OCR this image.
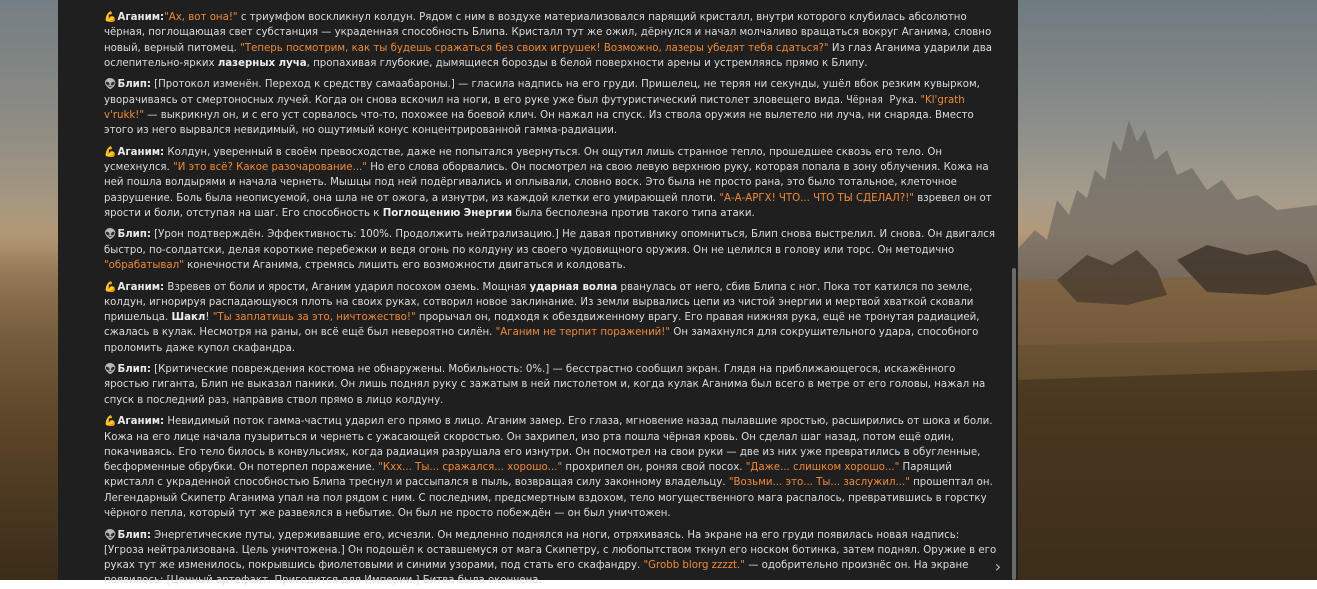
💪Аганим:"Ах, вот она!" с триумфом воскликнул колдун. Рядом с ним в воздухе материализовался парящий кристалл, внутри которого клубилась абсолютно чёрная, поглощающая свет субстанция — украденная способность Блипа. Кристалл тут же ожил, дёрнулся и начал молчаливо вращаться вокруг Аганима, словно новый, верный питомец. "Теперь посмотрим, как ты будешь сражаться без своих игрушек! Возможно, лазеры убедят тебя сдаться?" Из глаз Аганима ударили два ослепительно-ярких лазерных луча, пропахивая глубокие, дымящиеся борозды в белой поверхности арены и устремляясь прямо к Блипу.

👽Блип: [Протокол изменён. Переход к средству самаабароны.] — гласила надпись на его груди. Пришелец, не теряя ни секунды, ушёл вбок резким кувырком, уворачиваясь от смертоносных лучей. Когда он снова вскочил на ноги, в его руке уже был футуристический пистолет зловещего вида. Чёрная Рука. "Kl'grath v'rukk!" — выкрикнул он, и с его уст сорвалось что-то, похожее на боевой клич. Он нажал на спуск. Из ствола оружия не вылетело ни луча, ни снаряда. Вместо этого из него вырвался невидимый, но ощутимый конус концентрированной гамма-радиации.

💪Аганим: Колдун, уверенный в своём превосходстве, даже не попытался увернуться. Он ощутил лишь странное тепло, прошедшее сквозь его тело. Он усмехнулся. "И это всё? Какое разочарование..." Но его слова оборвались. Он посмотрел на свою левую верхнюю руку, которая попала в зону облучения. Кожа на ней пошла волдырями и начала чернеть. Мышцы под ней подёргивались и оплывали, словно воск. Это была не просто рана, это было тотальное, клеточное разрушение. Боль была неописуемой, она шла не от ожога, а изнутри, из каждой клетки его умирающей плоти. "А-А-АРГХ! ЧТО... ЧТО ТЫ СДЕЛАЛ?!" взревел он от ярости и боли, отступая на шаг. Его способность к Поглощению Энергии была бесполезна против такого типа атаки.

👽Блип: [Урон подтверждён. Эффективность: 100%. Продолжить нейтрализацию.] Не давая противнику опомниться, Блип снова выстрелил. И снова. Он двигался быстро, по-солдатски, делая короткие перебежки и ведя огонь по колдуну из своего чудовищного оружия. Он не целился в голову или торс. Он методично "обрабатывал" конечности Аганима, стремясь лишить его возможности двигаться и колдовать.

💪Аганим: Взревев от боли и ярости, Аганим ударил посохом оземь. Мощная ударная волна рванулась от него, сбив Блипа с ног. Пока тот катился по земле, колдун, игнорируя распадающуюся плоть на своих руках, сотворил новое заклинание. Из земли вырвались цепи из чистой энергии и мертвой хваткой сковали пришельца. Шакл! "Ты заплатишь за это, ничтожество!" прорычал он, подходя к обездвиженному врагу. Его правая нижняя рука, ещё не тронутая радиацией, сжалась в кулак. Несмотря на раны, он всё ещё был невероятно силён. "Аганим не терпит поражений!" Он замахнулся для сокрушительного удара, способного проломить даже купол скафандра.

👽Блип: [Критические повреждения костюма не обнаружены. Мобильность: 0%.] — бесстрастно сообщил экран. Глядя на приближающегося, искажённого яростью гиганта, Блип не выказал паники. Он лишь поднял руку с зажатым в ней пистолетом и, когда кулак Аганима был всего в метре от его головы, нажал на спуск в последний раз, направив ствол прямо в лицо колдуну.

💪Аганим: Невидимый поток гамма-частиц ударил его прямо в лицо. Аганим замер. Его глаза, мгновение назад пылавшие яростью, расширились от шока и боли. Кожа на его лице начала пузыриться и чернеть с ужасающей скоростью. Он захрипел, изо рта пошла чёрная кровь. Он сделал шаг назад, потом ещё один, покачиваясь. Его тело билось в конвульсиях, когда радиация разрушала его изнутри. Он посмотрел на свои руки — две из них уже превратились в обугленные, бесформенные обрубки. Он потерпел поражение. "Кхх... Ты... сражался... хорошо..." прохрипел он, роняя свой посох. "Даже... слишком хорошо..." Парящий кристалл с украденной способностью Блипа треснул и рассыпался в пыль, возвращая силу законному владельцу. "Возьми... это... Ты... заслужил..." прошептал он. Легендарный Скипетр Аганима упал на пол рядом с ним. С последним, предсмертным вздохом, тело могущественного мага распалось, превратившись в горстку чёрного пепла, который тут же развеялся в небытие. Он был не просто побеждён — он был уничтожен.

👽Блип: Энергетические путы, удерживавшие его, исчезли. Он медленно поднялся на ноги, отряхиваясь. На экране на его груди появилась новая надпись: [Угроза нейтрализована. Цель уничтожена.] Он подошёл к оставшемуся от мага Скипетру, с любопытством ткнул его носком ботинка, затем поднял. Оружие в его руках тут же изменилось, покрывшись фиолетовыми и синими узорами, под стать его скафандру. "Grobb blorg zzzzt." — одобрительно произнёс он. На экране появилось: [Ценный артефакт. Пригодится для Империи.] Битва была окончена.

›
